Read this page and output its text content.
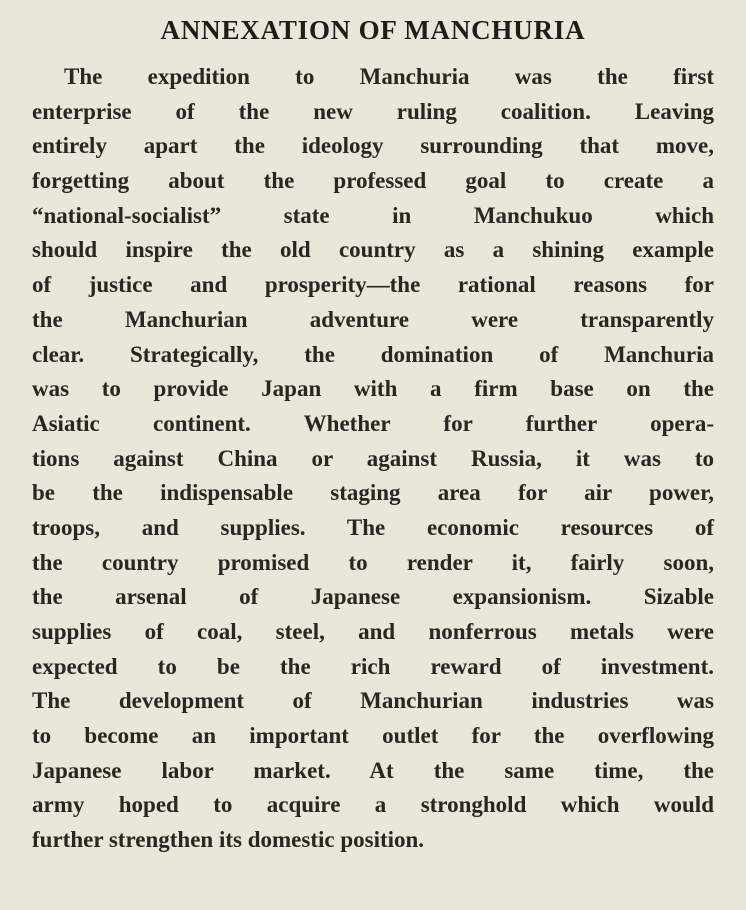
ANNEXATION OF MANCHURIA
The expedition to Manchuria was the first
enterprise of the new ruling coalition. Leaving
entirely apart the ideology surrounding that move,
forgetting about the professed goal to create a
“national-socialist” state in Manchukuo which
should inspire the old country as a shining example
of justice and prosperity—the rational reasons for
the Manchurian adventure were transparently
clear. Strategically, the domination of Manchuria
was to provide Japan with a firm base on the
Asiatic continent. Whether for further opera-
tions against China or against Russia, it was to
be the indispensable staging area for air power,
troops, and supplies. The economic resources of
the country promised to render it, fairly soon,
the arsenal of Japanese expansionism. Sizable
supplies of coal, steel, and nonferrous metals were
expected to be the rich reward of investment.
The development of Manchurian industries was
to become an important outlet for the overflowing
Japanese labor market. At the same time, the
army hoped to acquire a stronghold which would
further strengthen its domestic position.
